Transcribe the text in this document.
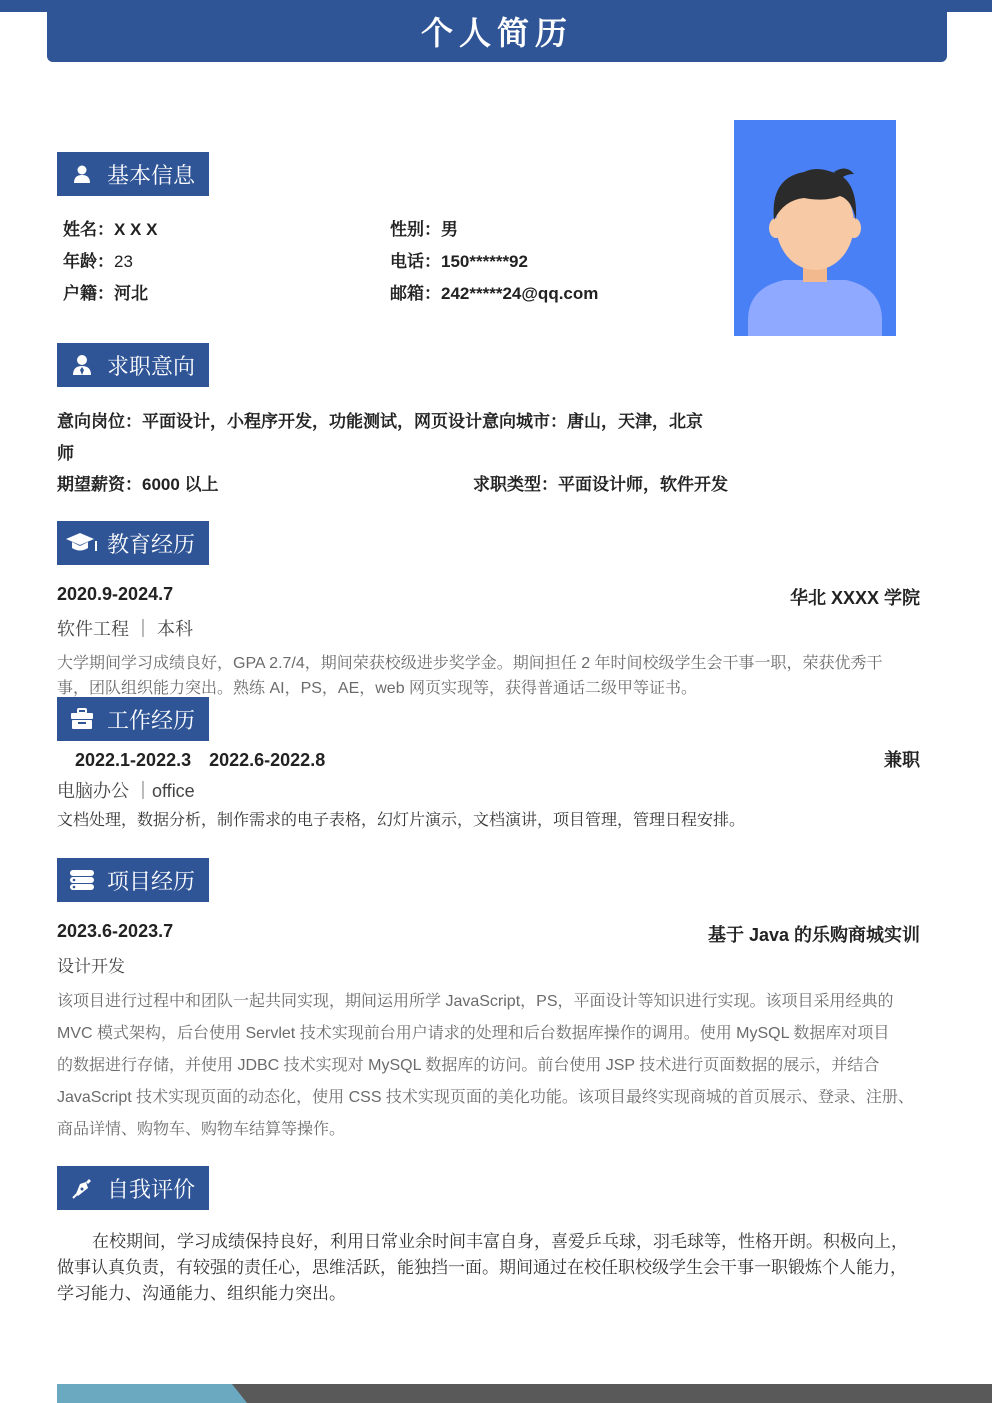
个人简历
基本信息
姓名：X X X	性别：男
年龄：23	电话：150******92
户籍：河北	邮箱：242*****24@qq.com
求职意向
意向岗位：平面设计，小程序开发，功能测试，网页设计意向城市：唐山，天津，北京
师
期望薪资：6000 以上	求职类型：平面设计师，软件开发
教育经历
2020.9-2024.7	华北 XXXX 学院
软件工程 ｜ 本科
大学期间学习成绩良好，GPA 2.7/4，期间荣获校级进步奖学金。期间担任 2 年时间校级学生会干事一职，荣获优秀干
事，团队组织能力突出。熟练 AI，PS，AE，web 网页实现等，获得普通话二级甲等证书。
工作经历
2022.1-2022.3　2022.6-2022.8	兼职
电脑办公 ｜office
文档处理，数据分析，制作需求的电子表格，幻灯片演示，文档演讲，项目管理，管理日程安排。
项目经历
2023.6-2023.7	基于 Java 的乐购商城实训
设计开发
该项目进行过程中和团队一起共同实现，期间运用所学 JavaScript，PS，平面设计等知识进行实现。该项目采用经典的
MVC 模式架构，后台使用 Servlet 技术实现前台用户请求的处理和后台数据库操作的调用。使用 MySQL 数据库对项目
的数据进行存储，并使用 JDBC 技术实现对 MySQL 数据库的访问。前台使用 JSP 技术进行页面数据的展示，并结合
JavaScript 技术实现页面的动态化，使用 CSS 技术实现页面的美化功能。该项目最终实现商城的首页展示、登录、注册、
商品详情、购物车、购物车结算等操作。
自我评价
在校期间，学习成绩保持良好，利用日常业余时间丰富自身，喜爱乒乓球，羽毛球等，性格开朗。积极向上，
做事认真负责，有较强的责任心，思维活跃，能独挡一面。期间通过在校任职校级学生会干事一职锻炼个人能力，
学习能力、沟通能力、组织能力突出。
